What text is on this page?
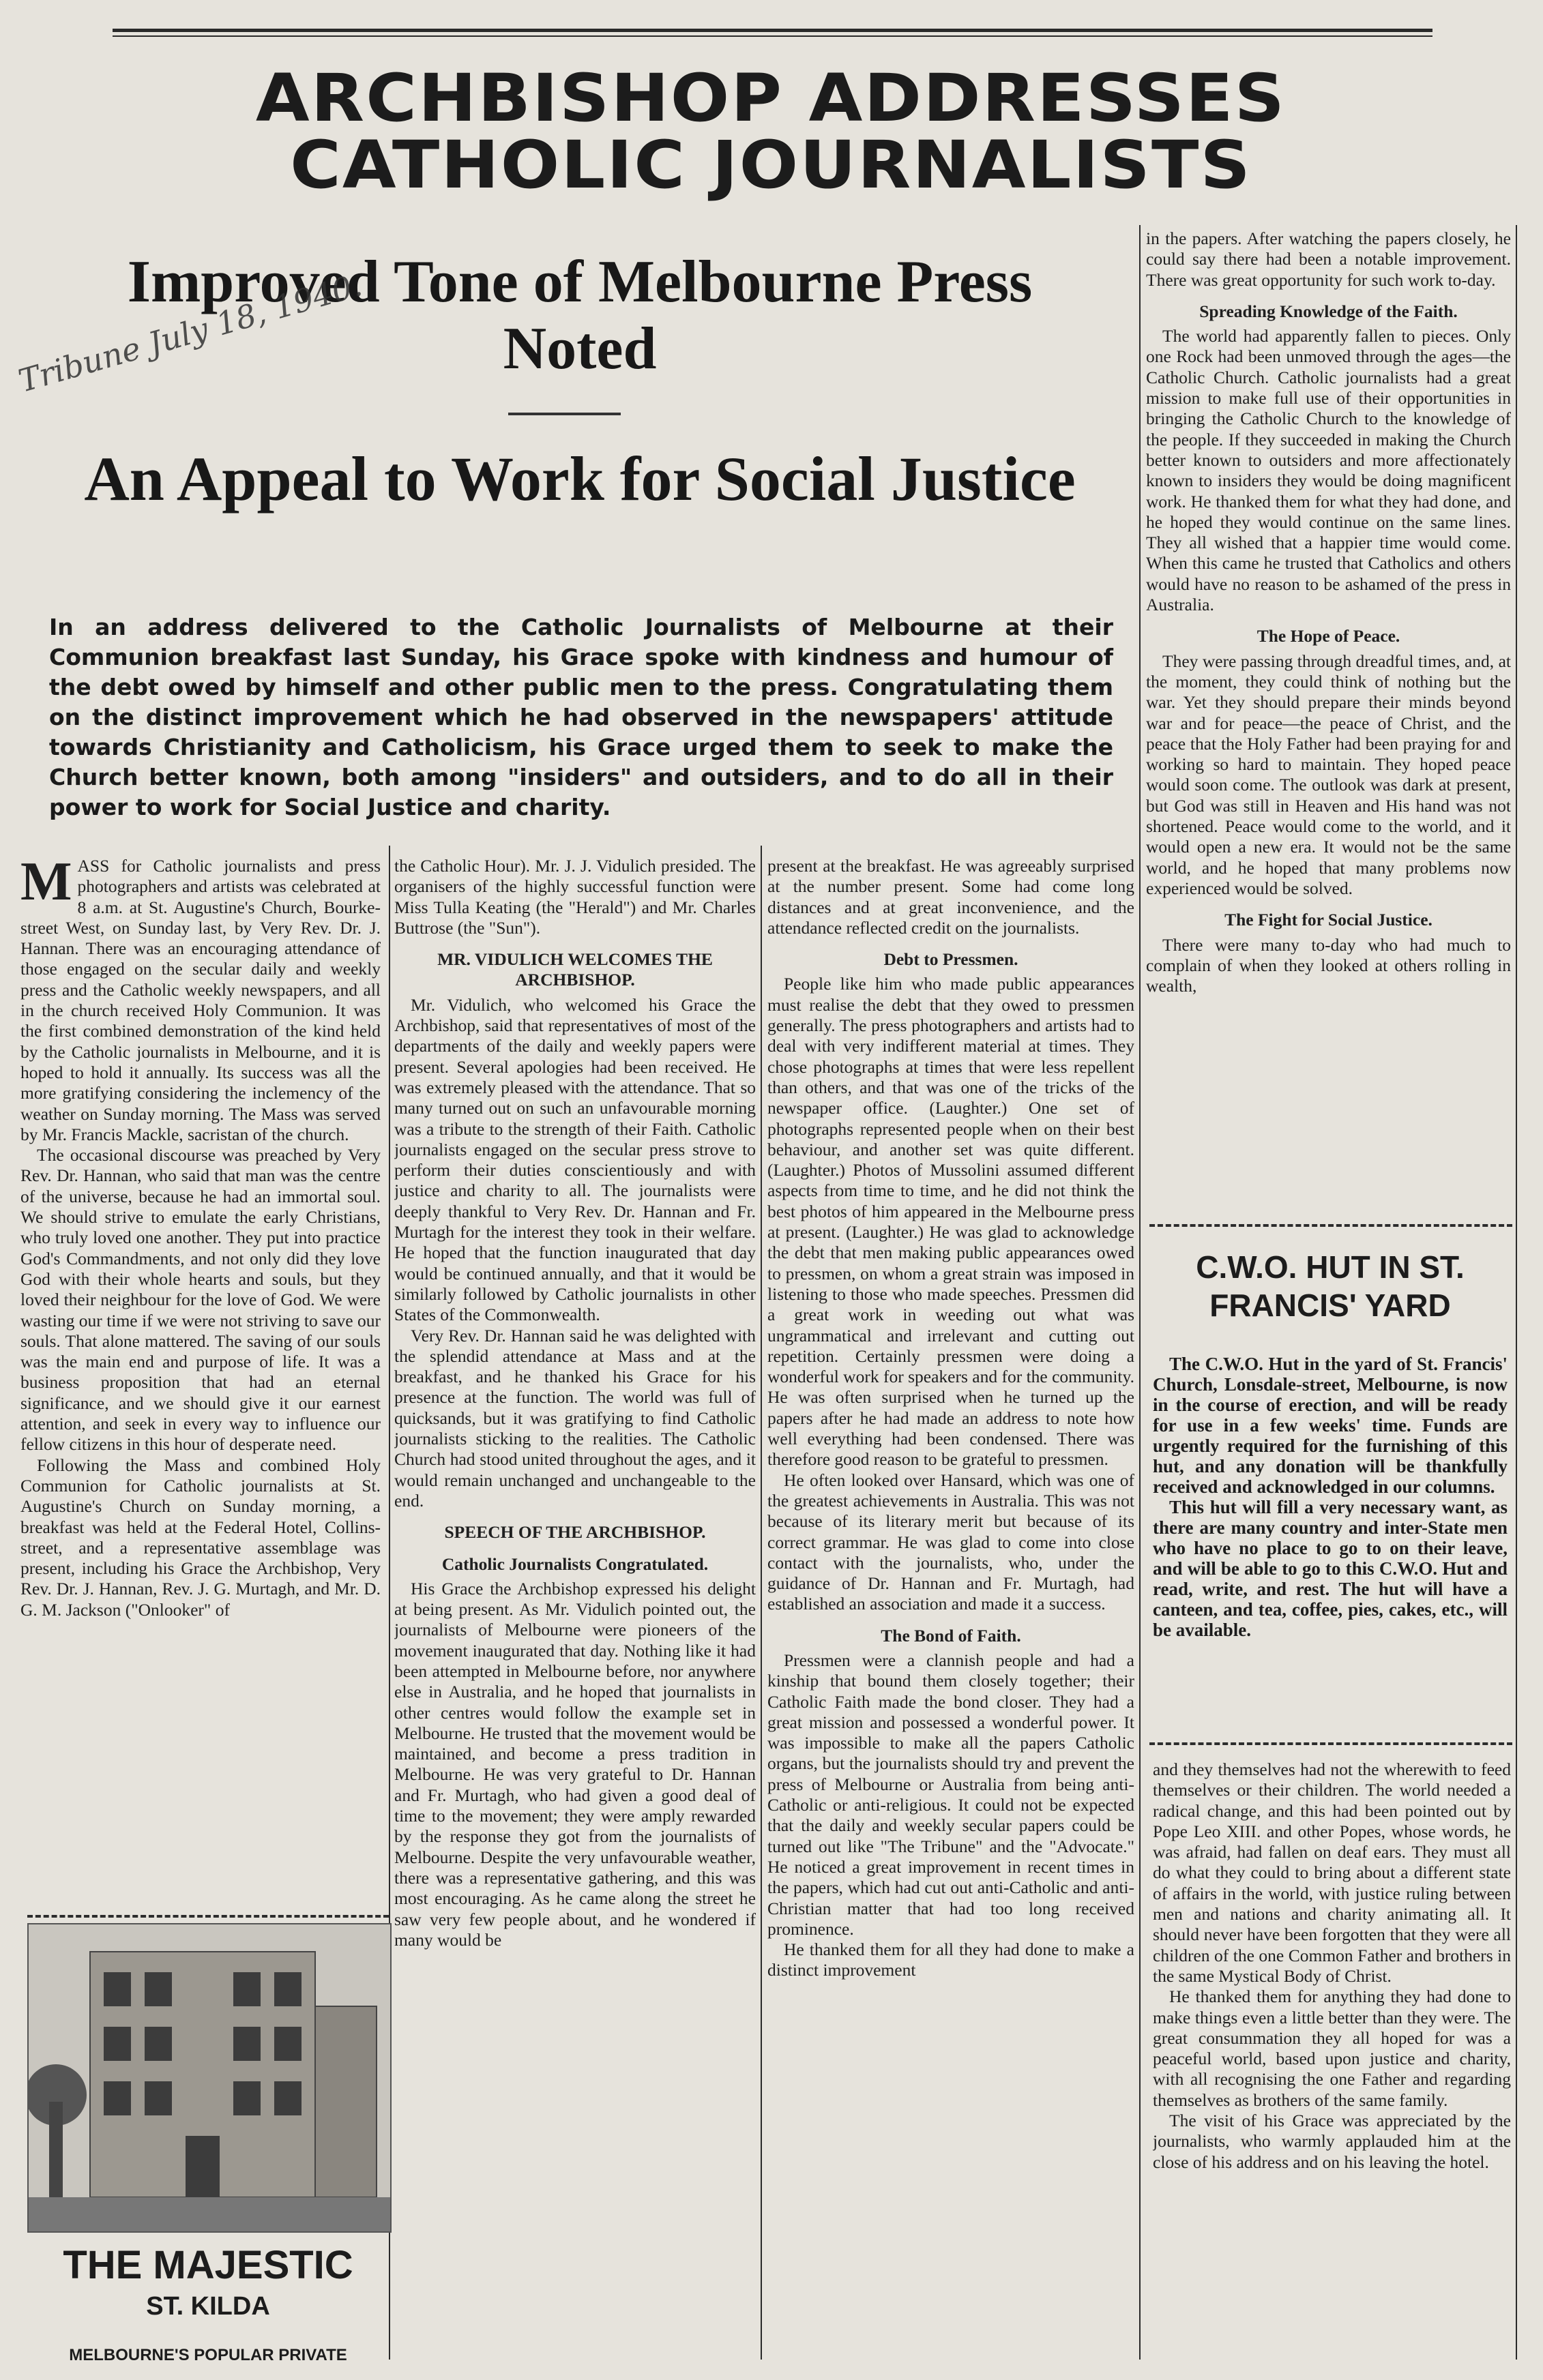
ARCHBISHOP ADDRESSES CATHOLIC JOURNALISTS
Improved Tone of Melbourne Press Noted
An Appeal to Work for Social Justice
Tribune July 18, 1940.
In an address delivered to the Catholic Journalists of Melbourne at their Communion breakfast last Sunday, his Grace spoke with kindness and humour of the debt owed by himself and other public men to the press. Congratulating them on the distinct improvement which he had observed in the newspapers' attitude towards Christianity and Catholicism, his Grace urged them to seek to make the Church better known, both among "insiders" and outsiders, and to do all in their power to work for Social Justice and charity.

MASS for Catholic journalists and press photographers and artists was celebrated at 8 a.m. at St. Augustine's Church, Bourke-street West, on Sunday last, by Very Rev. Dr. J. Hannan. There was an encouraging attendance of those engaged on the secular daily and weekly press and the Catholic weekly newspapers, and all in the church received Holy Communion. It was the first combined demonstration of the kind held by the Catholic journalists in Melbourne, and it is hoped to hold it annually. Its success was all the more gratifying considering the inclemency of the weather on Sunday morning. The Mass was served by Mr. Francis Mackle, sacristan of the church.

The occasional discourse was preached by Very Rev. Dr. Hannan, who said that man was the centre of the universe, because he had an immortal soul. We should strive to emulate the early Christians, who truly loved one another. They put into practice God's Commandments, and not only did they love God with their whole hearts and souls, but they loved their neighbour for the love of God. We were wasting our time if we were not striving to save our souls. That alone mattered. The saving of our souls was the main end and purpose of life. It was a business proposition that had an eternal significance, and we should give it our earnest attention, and seek in every way to influence our fellow citizens in this hour of desperate need.

Following the Mass and combined Holy Communion for Catholic journalists at St. Augustine's Church on Sunday morning, a breakfast was held at the Federal Hotel, Collins-street, and a representative assemblage was present, including his Grace the Archbishop, Very Rev. Dr. J. Hannan, Rev. J. G. Murtagh, and Mr. D. G. M. Jackson ("Onlooker" of

THE MAJESTIC
ST. KILDA
MELBOURNE'S POPULAR PRIVATE

the Catholic Hour). Mr. J. J. Vidulich presided. The organisers of the highly successful function were Miss Tulla Keating (the "Herald") and Mr. Charles Buttrose (the "Sun").

MR. VIDULICH WELCOMES THE ARCHBISHOP.

Mr. Vidulich, who welcomed his Grace the Archbishop, said that representatives of most of the departments of the daily and weekly papers were present. Several apologies had been received. He was extremely pleased with the attendance. That so many turned out on such an unfavourable morning was a tribute to the strength of their Faith. Catholic journalists engaged on the secular press strove to perform their duties conscientiously and with justice and charity to all. The journalists were deeply thankful to Very Rev. Dr. Hannan and Fr. Murtagh for the interest they took in their welfare. He hoped that the function inaugurated that day would be continued annually, and that it would be similarly followed by Catholic journalists in other States of the Commonwealth.

Very Rev. Dr. Hannan said he was delighted with the splendid attendance at Mass and at the breakfast, and he thanked his Grace for his presence at the function. The world was full of quicksands, but it was gratifying to find Catholic journalists sticking to the realities. The Catholic Church had stood united throughout the ages, and it would remain unchanged and unchangeable to the end.

SPEECH OF THE ARCHBISHOP.

Catholic Journalists Congratulated.

His Grace the Archbishop expressed his delight at being present. As Mr. Vidulich pointed out, the journalists of Melbourne were pioneers of the movement inaugurated that day. Nothing like it had been attempted in Melbourne before, nor anywhere else in Australia, and he hoped that journalists in other centres would follow the example set in Melbourne. He trusted that the movement would be maintained, and become a press tradition in Melbourne. He was very grateful to Dr. Hannan and Fr. Murtagh, who had given a good deal of time to the movement; they were amply rewarded by the response they got from the journalists of Melbourne. Despite the very unfavourable weather, there was a representative gathering, and this was most encouraging. As he came along the street he saw very few people about, and he wondered if many would be

present at the breakfast. He was agreeably surprised at the number present. Some had come long distances and at great inconvenience, and the attendance reflected credit on the journalists.

Debt to Pressmen.

People like him who made public appearances must realise the debt that they owed to pressmen generally. The press photographers and artists had to deal with very indifferent material at times. They chose photographs at times that were less repellent than others, and that was one of the tricks of the newspaper office. (Laughter.) One set of photographs represented people when on their best behaviour, and another set was quite different. (Laughter.) Photos of Mussolini assumed different aspects from time to time, and he did not think the best photos of him appeared in the Melbourne press at present. (Laughter.) He was glad to acknowledge the debt that men making public appearances owed to pressmen, on whom a great strain was imposed in listening to those who made speeches. Pressmen did a great work in weeding out what was ungrammatical and irrelevant and cutting out repetition. Certainly pressmen were doing a wonderful work for speakers and for the community. He was often surprised when he turned up the papers after he had made an address to note how well everything had been condensed. There was therefore good reason to be grateful to pressmen.

He often looked over Hansard, which was one of the greatest achievements in Australia. This was not because of its literary merit but because of its correct grammar. He was glad to come into close contact with the journalists, who, under the guidance of Dr. Hannan and Fr. Murtagh, had established an association and made it a success.

The Bond of Faith.

Pressmen were a clannish people and had a kinship that bound them closely together; their Catholic Faith made the bond closer. They had a great mission and possessed a wonderful power. It was impossible to make all the papers Catholic organs, but the journalists should try and prevent the press of Melbourne or Australia from being anti-Catholic or anti-religious. It could not be expected that the daily and weekly secular papers could be turned out like "The Tribune" and the "Advocate." He noticed a great improvement in recent times in the papers, which had cut out anti-Catholic and anti-Christian matter that had too long received prominence.

He thanked them for all they had done to make a distinct improvement

in the papers. After watching the papers closely, he could say there had been a notable improvement. There was great opportunity for such work to-day.

Spreading Knowledge of the Faith.

The world had apparently fallen to pieces. Only one Rock had been unmoved through the ages—the Catholic Church. Catholic journalists had a great mission to make full use of their opportunities in bringing the Catholic Church to the knowledge of the people. If they succeeded in making the Church better known to outsiders and more affectionately known to insiders they would be doing magnificent work. He thanked them for what they had done, and he hoped they would continue on the same lines. They all wished that a happier time would come. When this came he trusted that Catholics and others would have no reason to be ashamed of the press in Australia.

The Hope of Peace.

They were passing through dreadful times, and, at the moment, they could think of nothing but the war. Yet they should prepare their minds beyond war and for peace—the peace of Christ, and the peace that the Holy Father had been praying for and working so hard to maintain. They hoped peace would soon come. The outlook was dark at present, but God was still in Heaven and His hand was not shortened. Peace would come to the world, and it would open a new era. It would not be the same world, and he hoped that many problems now experienced would be solved.

The Fight for Social Justice.

There were many to-day who had much to complain of when they looked at others rolling in wealth,

C.W.O. HUT IN ST. FRANCIS' YARD

The C.W.O. Hut in the yard of St. Francis' Church, Lonsdale-street, Melbourne, is now in the course of erection, and will be ready for use in a few weeks' time. Funds are urgently required for the furnishing of this hut, and any donation will be thankfully received and acknowledged in our columns.

This hut will fill a very necessary want, as there are many country and inter-State men who have no place to go to on their leave, and will be able to go to this C.W.O. Hut and read, write, and rest. The hut will have a canteen, and tea, coffee, pies, cakes, etc., will be available.

and they themselves had not the wherewith to feed themselves or their children. The world needed a radical change, and this had been pointed out by Pope Leo XIII. and other Popes, whose words, he was afraid, had fallen on deaf ears. They must all do what they could to bring about a different state of affairs in the world, with justice ruling between men and nations and charity animating all. It should never have been forgotten that they were all children of the one Common Father and brothers in the same Mystical Body of Christ.

He thanked them for anything they had done to make things even a little better than they were. The great consummation they all hoped for was a peaceful world, based upon justice and charity, with all recognising the one Father and regarding themselves as brothers of the same family.

The visit of his Grace was appreciated by the journalists, who warmly applauded him at the close of his address and on his leaving the hotel.
